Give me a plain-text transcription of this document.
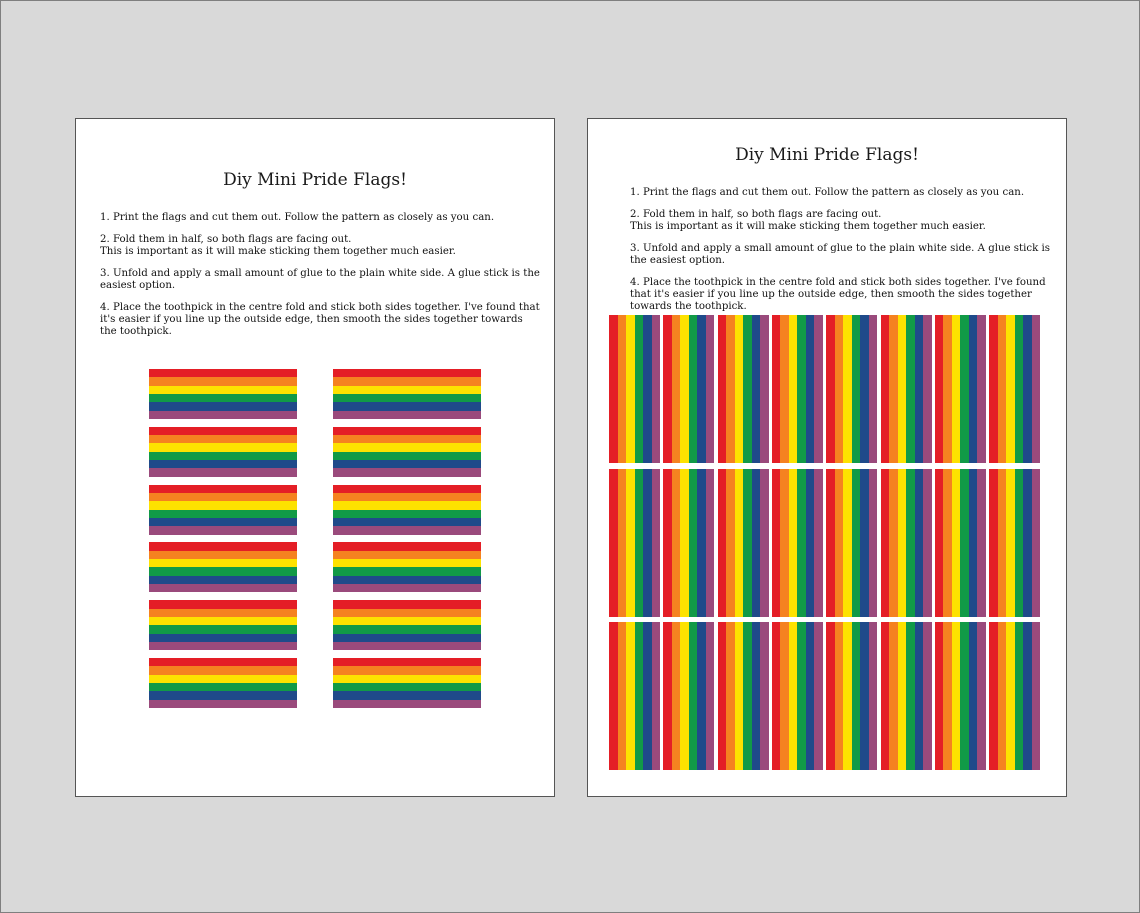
Diy Mini Pride Flags!

1. Print the flags and cut them out. Follow the pattern as closely as you can.

2. Fold them in half, so both flags are facing out.
This is important as it will make sticking them together much easier.

3. Unfold and apply a small amount of glue to the plain white side. A glue stick is the easiest option.

4. Place the toothpick in the centre fold and stick both sides together. I've found that it's easier if you line up the outside edge, then smooth the sides together towards the toothpick.

Diy Mini Pride Flags!

1. Print the flags and cut them out. Follow the pattern as closely as you can.

2. Fold them in half, so both flags are facing out.
This is important as it will make sticking them together much easier.

3. Unfold and apply a small amount of glue to the plain white side. A glue stick is the easiest option.

4. Place the toothpick in the centre fold and stick both sides together. I've found that it's easier if you line up the outside edge, then smooth the sides together towards the toothpick.
